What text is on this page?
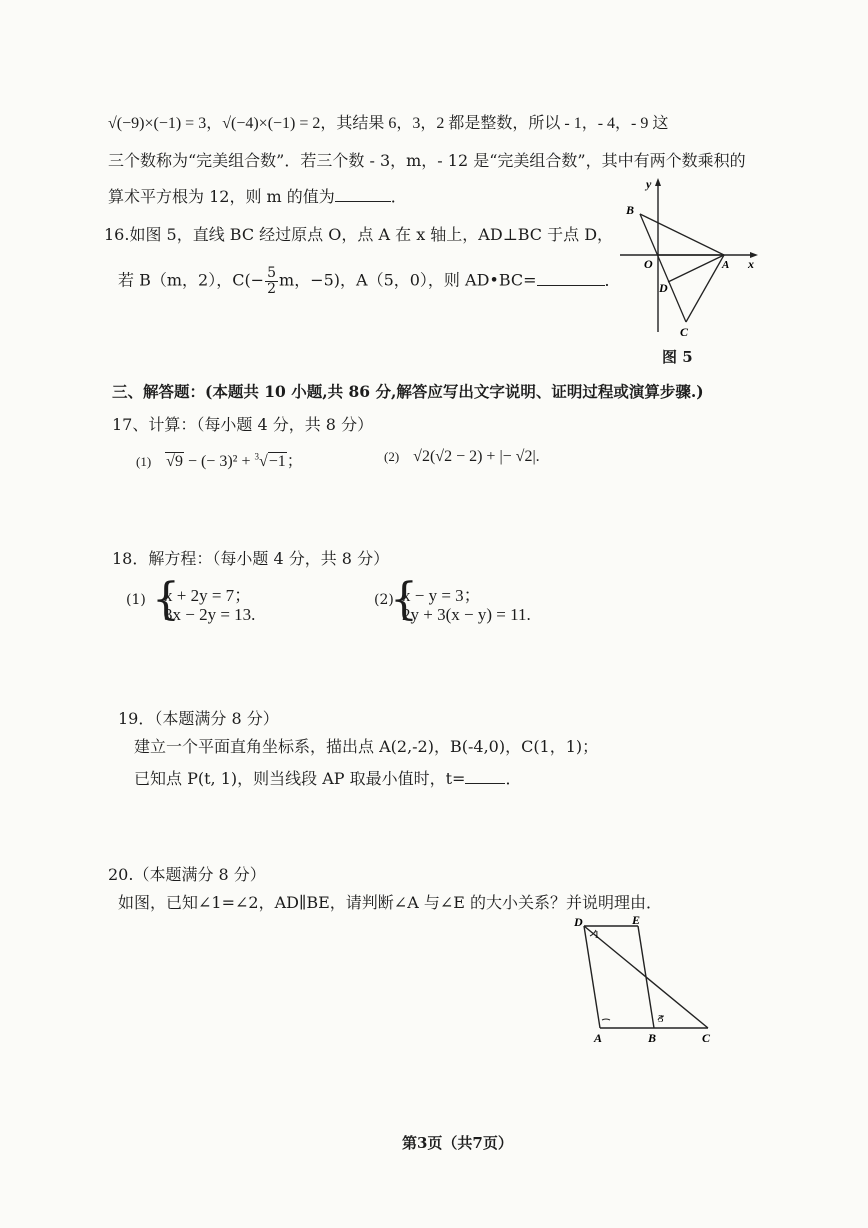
√(−9)×(−1) = 3，√(−4)×(−1) = 2，其结果 6，3，2 都是整数，所以 - 1，- 4，- 9 这
三个数称为“完美组合数”．若三个数 - 3，m，- 12 是“完美组合数”，其中有两个数乘积的
算术平方根为 12，则 m 的值为	．
16.如图 5，直线 BC 经过原点 O，点 A 在 x 轴上，AD⊥BC 于点 D，
若 B（m，2），$C(- \frac{5}{2}$ m，−5)，A（5，0），则 AD•BC=	．
y
x
B
O	A
D
C
图 5
三、解答题：(本题共 10 小题,共 86 分,解答应写出文字说明、证明过程或演算步骤.)
17、计算：（每小题 4 分，共 8 分）
(1) √9 − (− 3)² + $^3$√−1；	(2) √2(√2 − 2) + |− √2|.
18．解方程：（每小题 4 分，共 8 分）
(1) {
x + 2y = 7；
3x − 2y = 13.
(2)
{
x − y = 3；
2y + 3(x − y) = 11.
19．（本题满分 8 分）
建立一个平面直角坐标系，描出点 A(2,-2)，B(-4,0)，C(1，1)；
已知点 P(t, 1)，则当线段 AP 取最小值时，t=	．
20.（本题满分 8 分）
如图，已知∠1=∠2，AD∥BE，请判断∠A 与∠E 的大小关系？并说明理由．
D	E
A	B	C
1
3
第3页（共7页）
